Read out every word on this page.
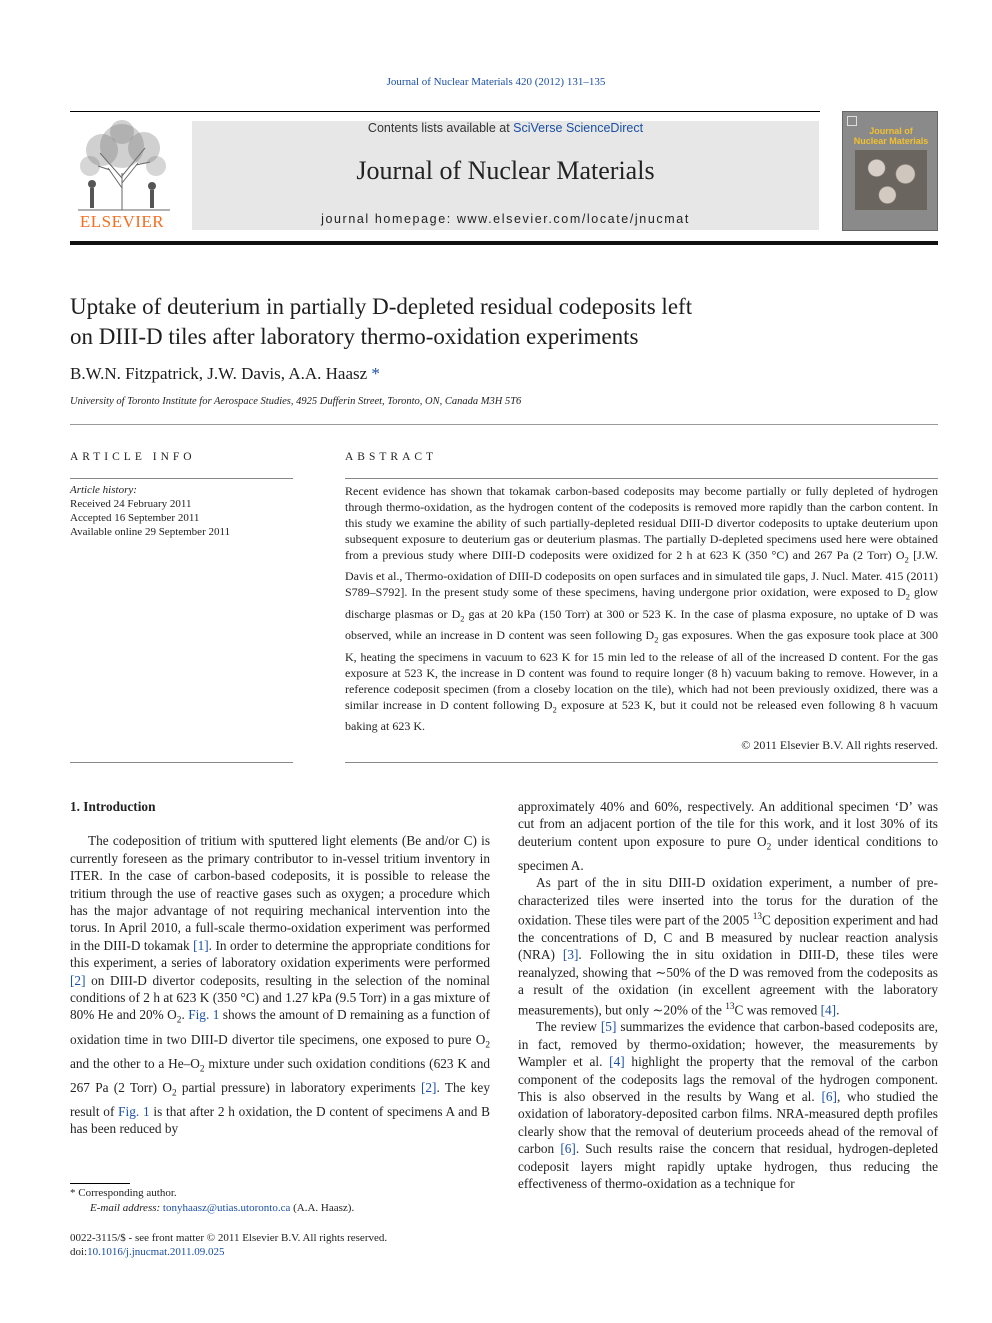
Journal of Nuclear Materials 420 (2012) 131–135
ELSEVIER
Contents lists available at SciVerse ScienceDirect
Journal of Nuclear Materials
journal homepage: www.elsevier.com/locate/jnucmat
Journal of
Nuclear Materials
Uptake of deuterium in partially D-depleted residual codeposits left
on DIII-D tiles after laboratory thermo-oxidation experiments
B.W.N. Fitzpatrick, J.W. Davis, A.A. Haasz *
University of Toronto Institute for Aerospace Studies, 4925 Dufferin Street, Toronto, ON, Canada M3H 5T6
ARTICLE INFO	ABSTRACT
Article history:
Received 24 February 2011
Accepted 16 September 2011
Available online 29 September 2011
Recent evidence has shown that tokamak carbon-based codeposits may become partially or fully depleted of hydrogen through thermo-oxidation, as the hydrogen content of the codeposits is removed more rapidly than the carbon content. In this study we examine the ability of such partially-depleted residual DIII-D divertor codeposits to uptake deuterium upon subsequent exposure to deuterium gas or deuterium plasmas. The partially D-depleted specimens used here were obtained from a previous study where DIII-D codeposits were oxidized for 2 h at 623 K (350 °C) and 267 Pa (2 Torr) $O_2$ [J.W. Davis et al., Thermo-oxidation of DIII-D codeposits on open surfaces and in simulated tile gaps, J. Nucl. Mater. 415 (2011) S789–S792]. In the present study some of these specimens, having undergone prior oxidation, were exposed to $D_2$ glow discharge plasmas or $D_2$ gas at 20 kPa (150 Torr) at 300 or 523 K. In the case of plasma exposure, no uptake of D was observed, while an increase in D content was seen following $D_2$ gas exposures. When the gas exposure took place at 300 K, heating the specimens in vacuum to 623 K for 15 min led to the release of all of the increased D content. For the gas exposure at 523 K, the increase in D content was found to require longer (8 h) vacuum baking to remove. However, in a reference codeposit specimen (from a closeby location on the tile), which had not been previously oxidized, there was a similar increase in D content following $D_2$ exposure at 523 K, but it could not be released even following 8 h vacuum baking at 623 K.
© 2011 Elsevier B.V. All rights reserved.
1. Introduction

The codeposition of tritium with sputtered light elements (Be and/or C) is currently foreseen as the primary contributor to in-vessel tritium inventory in ITER. In the case of carbon-based codeposits, it is possible to release the tritium through the use of reactive gases such as oxygen; a procedure which has the major advantage of not requiring mechanical intervention into the torus. In April 2010, a full-scale thermo-oxidation experiment was performed in the DIII-D tokamak [1]. In order to determine the appropriate conditions for this experiment, a series of laboratory oxidation experiments were performed [2] on DIII-D divertor codeposits, resulting in the selection of the nominal conditions of 2 h at 623 K (350 °C) and 1.27 kPa (9.5 Torr) in a gas mixture of 80% He and 20% $O_2$. Fig. 1 shows the amount of D remaining as a function of oxidation time in two DIII-D divertor tile specimens, one exposed to pure $O_2$ and the other to a $He-O_2$ mixture under such oxidation conditions (623 K and 267 Pa (2 Torr) $O_2$ partial pressure) in laboratory experiments [2]. The key result of Fig. 1 is that after 2 h oxidation, the D content of specimens A and B has been reduced by

approximately 40% and 60%, respectively. An additional specimen ‘D’ was cut from an adjacent portion of the tile for this work, and it lost 30% of its deuterium content upon exposure to pure $O_2$ under identical conditions to specimen A.

As part of the in situ DIII-D oxidation experiment, a number of pre-characterized tiles were inserted into the torus for the duration of the oxidation. These tiles were part of the 2005 $^{13}$C deposition experiment and had the concentrations of D, C and B measured by nuclear reaction analysis (NRA) [3]. Following the in situ oxidation in DIII-D, these tiles were reanalyzed, showing that ∼50% of the D was removed from the codeposits as a result of the oxidation (in excellent agreement with the laboratory measurements), but only ∼20% of the $^{13}$C was removed [4].

The review [5] summarizes the evidence that carbon-based codeposits are, in fact, removed by thermo-oxidation; however, the measurements by Wampler et al. [4] highlight the property that the removal of the carbon component of the codeposits lags the removal of the hydrogen component. This is also observed in the results by Wang et al. [6], who studied the oxidation of laboratory-deposited carbon films. NRA-measured depth profiles clearly show that the removal of deuterium proceeds ahead of the removal of carbon [6]. Such results raise the concern that residual, hydrogen-depleted codeposit layers might rapidly uptake hydrogen, thus reducing the effectiveness of thermo-oxidation as a technique for

* Corresponding author.
E-mail address: tonyhaasz@utias.utoronto.ca (A.A. Haasz).
0022-3115/$ - see front matter © 2011 Elsevier B.V. All rights reserved.
doi:10.1016/j.jnucmat.2011.09.025
